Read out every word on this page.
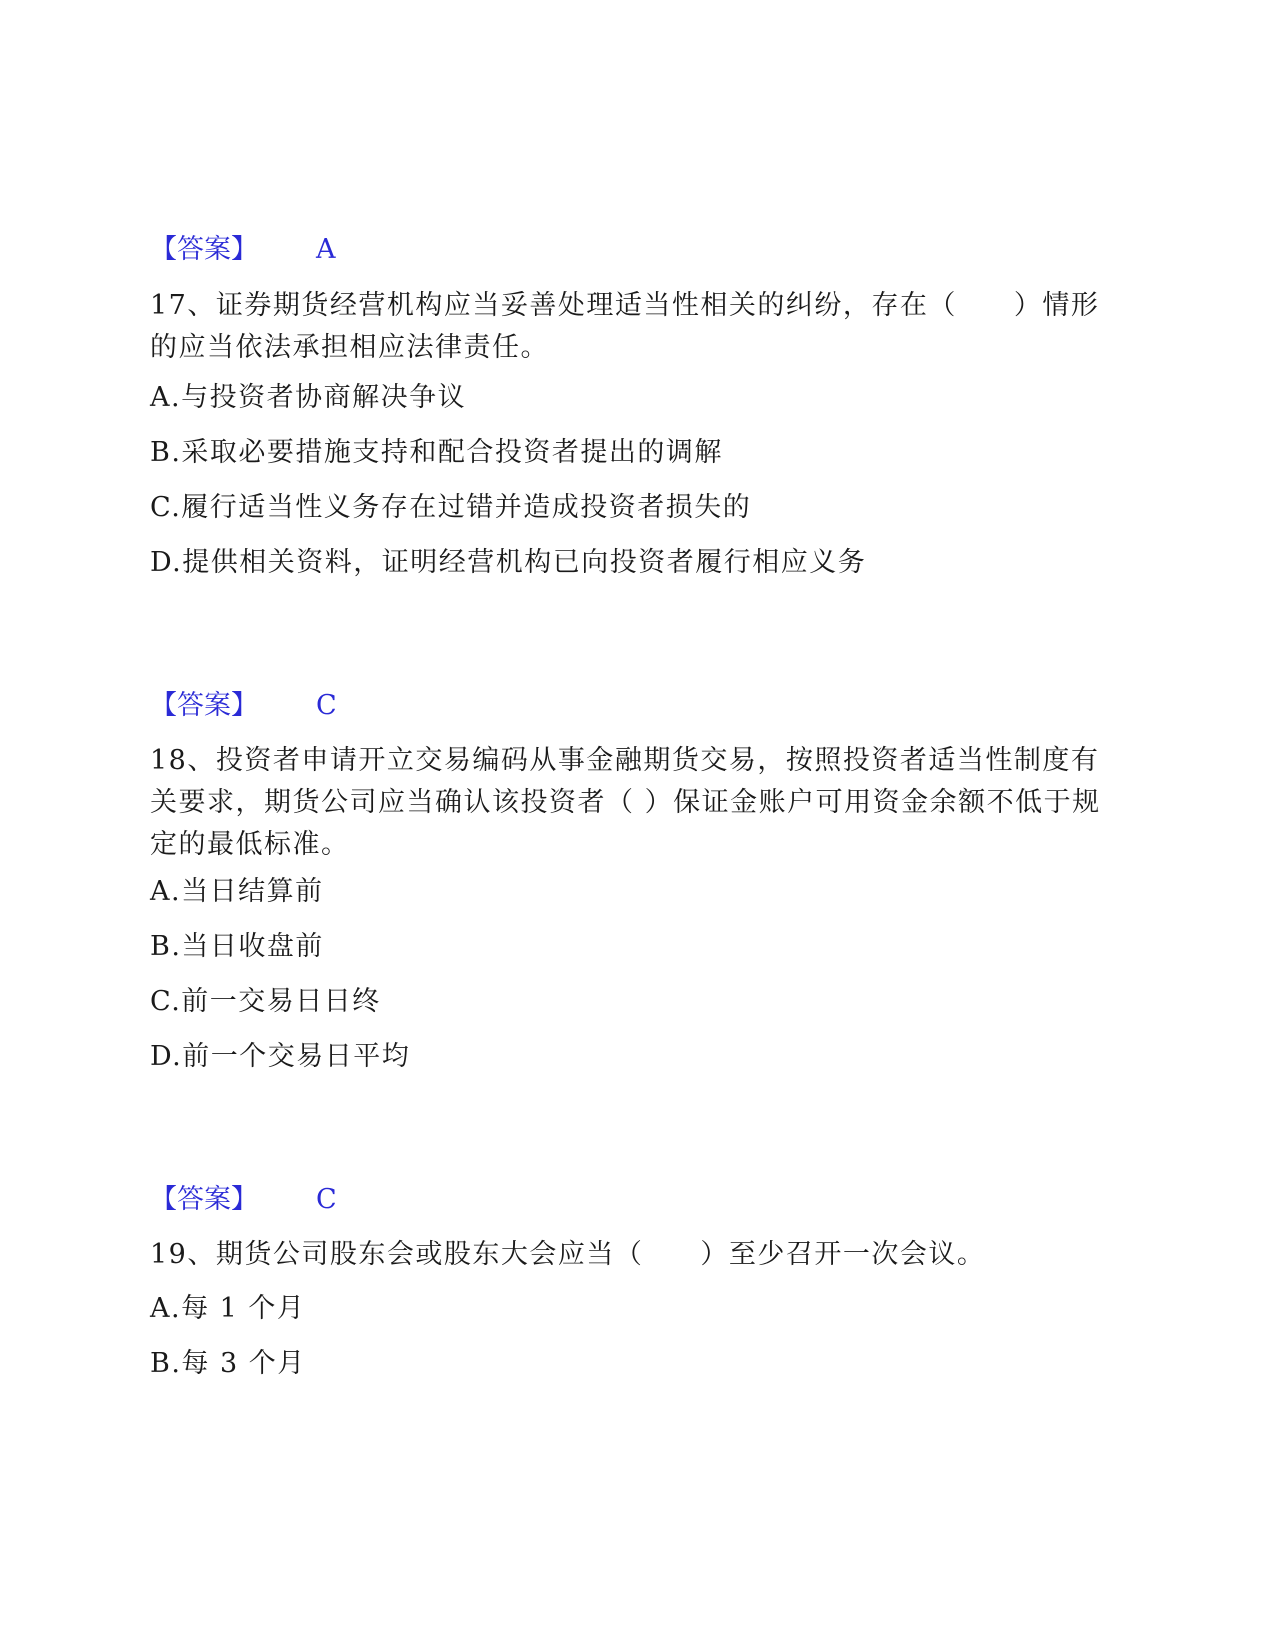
【答案】 A
17、证券期货经营机构应当妥善处理适当性相关的纠纷，存在（　　）情形的应当依法承担相应法律责任。
A.与投资者协商解决争议
B.采取必要措施支持和配合投资者提出的调解
C.履行适当性义务存在过错并造成投资者损失的
D.提供相关资料，证明经营机构已向投资者履行相应义务
【答案】 C
18、投资者申请开立交易编码从事金融期货交易，按照投资者适当性制度有关要求，期货公司应当确认该投资者（ ）保证金账户可用资金余额不低于规定的最低标准。
A.当日结算前
B.当日收盘前
C.前一交易日日终
D.前一个交易日平均
【答案】 C
19、期货公司股东会或股东大会应当（　　）至少召开一次会议。
A.每 1 个月
B.每 3 个月
